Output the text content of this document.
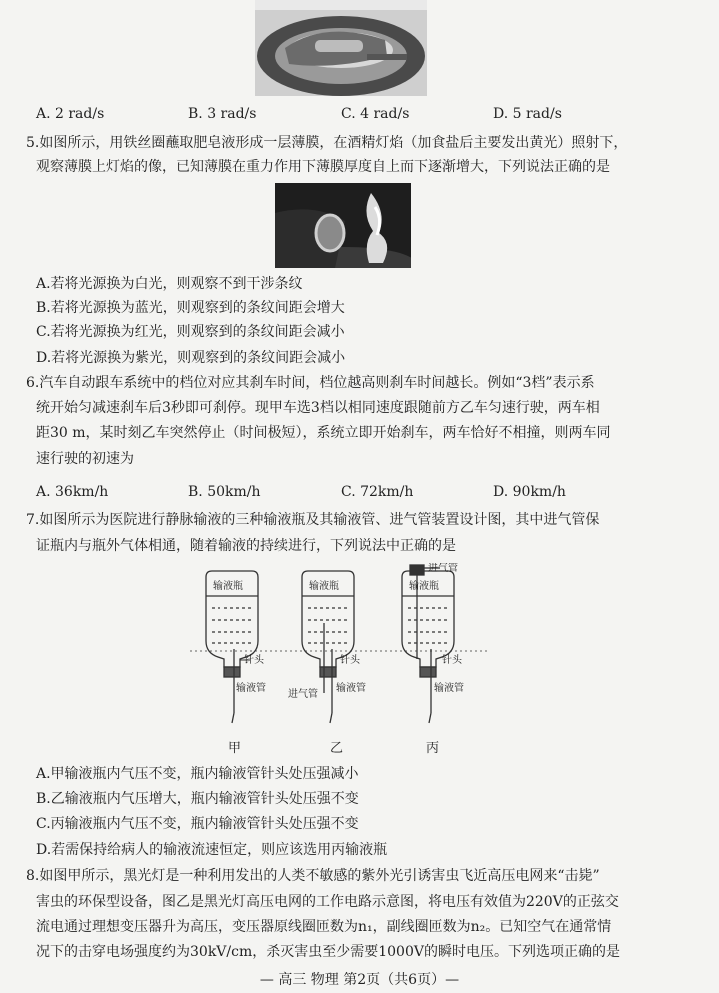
A. 2 rad/s	B. 3 rad/s	C. 4 rad/s	D. 5 rad/s
5.如图所示，用铁丝圈蘸取肥皂液形成一层薄膜，在酒精灯焰（加食盐后主要发出黄光）照射下，
观察薄膜上灯焰的像，已知薄膜在重力作用下薄膜厚度自上而下逐渐增大，下列说法正确的是
A.若将光源换为白光，则观察不到干涉条纹
B.若将光源换为蓝光，则观察到的条纹间距会增大
C.若将光源换为红光，则观察到的条纹间距会减小
D.若将光源换为紫光，则观察到的条纹间距会减小
6.汽车自动跟车系统中的档位对应其刹车时间，档位越高则刹车时间越长。例如“3档”表示系
统开始匀减速刹车后3秒即可刹停。现甲车选3档以相同速度跟随前方乙车匀速行驶，两车相
距30 m，某时刻乙车突然停止（时间极短），系统立即开始刹车，两车恰好不相撞，则两车同
速行驶的初速为
A. 36km/h	B. 50km/h	C. 72km/h	D. 90km/h
7.如图所示为医院进行静脉输液的三种输液瓶及其输液管、进气管装置设计图，其中进气管保
证瓶内与瓶外气体相通，随着输液的持续进行，下列说法中正确的是
输液瓶	输液瓶	输液瓶
针头	针头	针头
输液管	输液管	输液管
进气管
进气管
甲	乙	丙
A.甲输液瓶内气压不变，瓶内输液管针头处压强减小
B.乙输液瓶内气压增大，瓶内输液管针头处压强不变
C.丙输液瓶内气压不变，瓶内输液管针头处压强不变
D.若需保持给病人的输液流速恒定，则应该选用丙输液瓶
8.如图甲所示，黑光灯是一种利用发出的人类不敏感的紫外光引诱害虫飞近高压电网来“击毙”
害虫的环保型设备，图乙是黑光灯高压电网的工作电路示意图，将电压有效值为220V的正弦交
流电通过理想变压器升为高压，变压器原线圈匝数为n₁，副线圈匝数为n₂。已知空气在通常情
况下的击穿电场强度约为30kV/cm，杀灭害虫至少需要1000V的瞬时电压。下列选项正确的是
— 高三 物理 第2页（共6页）—
